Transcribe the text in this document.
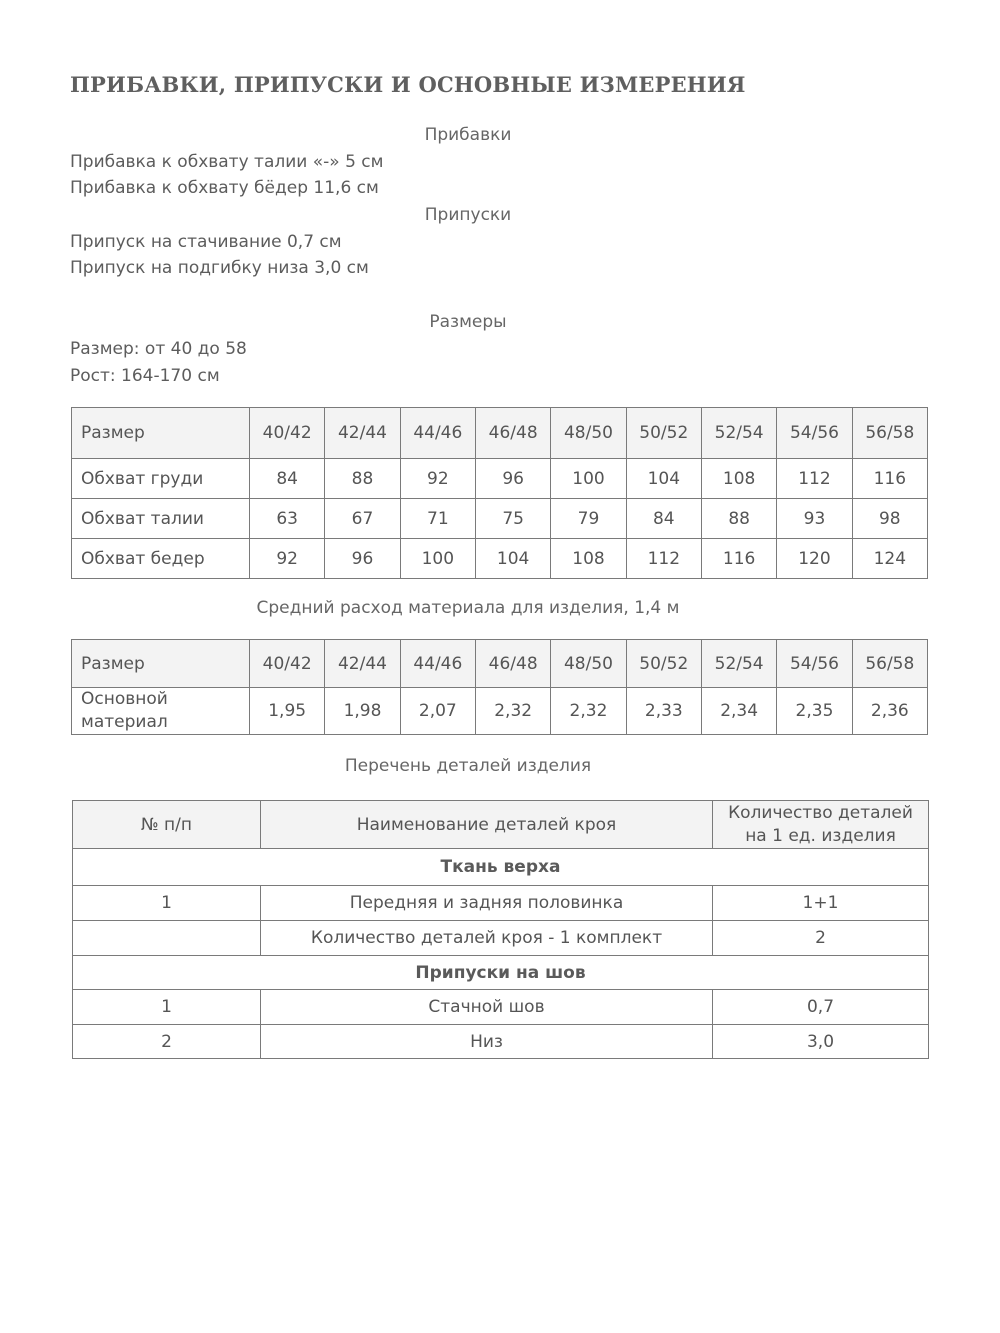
ПРИБАВКИ, ПРИПУСКИ И ОСНОВНЫЕ ИЗМЕРЕНИЯ
Прибавки
Прибавка к обхвату талии «-» 5 см
Прибавка к обхвату бёдер 11,6 см
Припуски
Припуск на стачивание 0,7 см
Припуск на подгибку низа 3,0 см
Размеры
Размер: от 40 до 58
Рост: 164-170 см
Размер	40/42	42/44	44/46	46/48	48/50	50/52	52/54	54/56	56/58
Обхват груди	84	88	92	96	100	104	108	112	116
Обхват талии	63	67	71	75	79	84	88	93	98
Обхват бедер	92	96	100	104	108	112	116	120	124
Средний расход материала для изделия, 1,4 м
Размер	40/42	42/44	44/46	46/48	48/50	50/52	52/54	54/56	56/58

Основной
материал	1,95	1,98	2,07	2,32	2,32	2,33	2,34	2,35	2,36
Перечень деталей изделия
№ п/п	Наименование деталей кроя	Количество деталей
на 1 ед. изделия

Ткань верха		
1	Передняя и задняя половинка	1+1
	Количество деталей кроя - 1 комплект	2
Припуски на шов		
1	Стачной шов	0,7
2	Низ	3,0
